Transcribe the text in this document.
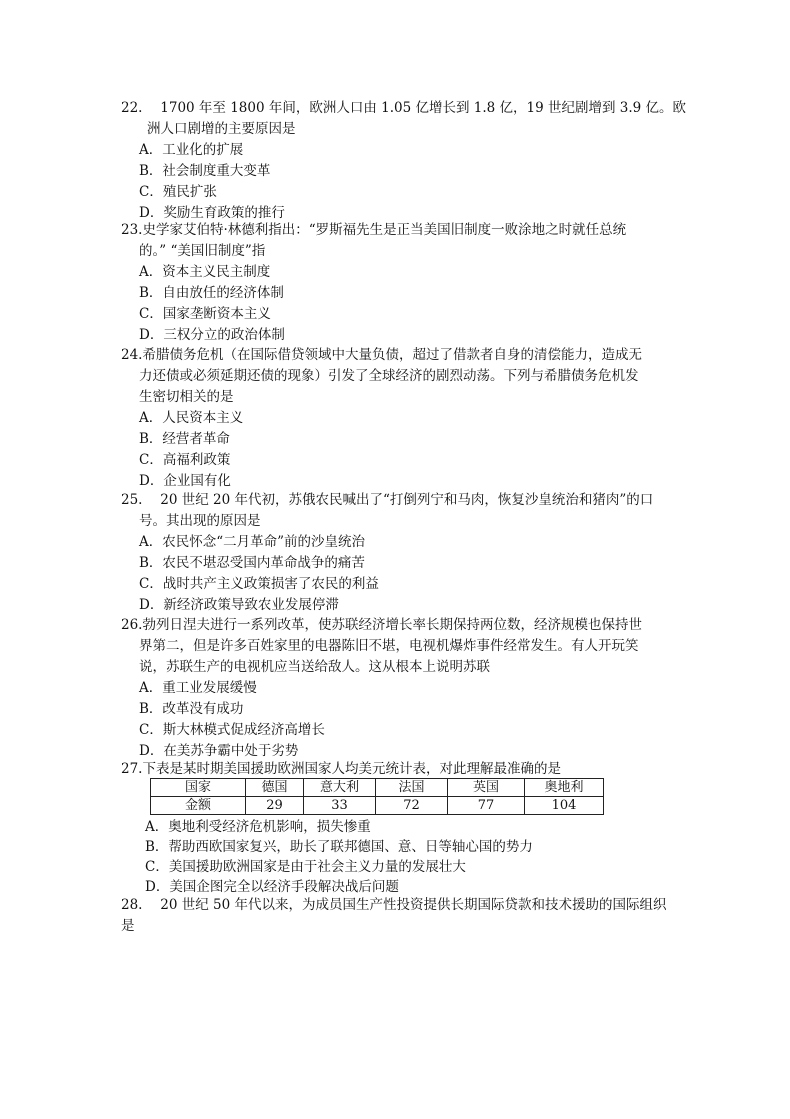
22.　 1700 年至 1800 年间，欧洲人口由 1.05 亿增长到 1.8 亿，19 世纪剧增到 3.9 亿。欧
洲人口剧增的主要原因是
A．工业化的扩展
B．社会制度重大变革
C．殖民扩张
D．奖励生育政策的推行
23.史学家艾伯特·林德利指出：“罗斯福先生是正当美国旧制度一败涂地之时就任总统
的。” “美国旧制度”指
A．资本主义民主制度
B．自由放任的经济体制
C．国家垄断资本主义
D．三权分立的政治体制
24.希腊债务危机（在国际借贷领域中大量负债，超过了借款者自身的清偿能力，造成无
力还债或必须延期还债的现象）引发了全球经济的剧烈动荡。下列与希腊债务危机发
生密切相关的是
A．人民资本主义
B．经营者革命
C．高福利政策
D．企业国有化
25.　 20 世纪 20 年代初，苏俄农民喊出了“打倒列宁和马肉，恢复沙皇统治和猪肉”的口
号。其出现的原因是
A．农民怀念“二月革命”前的沙皇统治
B．农民不堪忍受国内革命战争的痛苦
C．战时共产主义政策损害了农民的利益
D．新经济政策导致农业发展停滞
26.勃列日涅夫进行一系列改革，使苏联经济增长率长期保持两位数，经济规模也保持世
界第二，但是许多百姓家里的电器陈旧不堪，电视机爆炸事件经常发生。有人开玩笑
说，苏联生产的电视机应当送给敌人。这从根本上说明苏联
A．重工业发展缓慢
B．改革没有成功
C．斯大林模式促成经济高增长
D．在美苏争霸中处于劣势
27.下表是某时期美国援助欧洲国家人均美元统计表，对此理解最准确的是
国家	德国	意大利	法国	英国	奥地利
金额	29	33	72	77	104
A．奥地利受经济危机影响，损失惨重
B．帮助西欧国家复兴，助长了联邦德国、意、日等轴心国的势力
C．美国援助欧洲国家是由于社会主义力量的发展壮大
D．美国企图完全以经济手段解决战后问题
28.　 20 世纪 50 年代以来，为成员国生产性投资提供长期国际贷款和技术援助的国际组织
是
